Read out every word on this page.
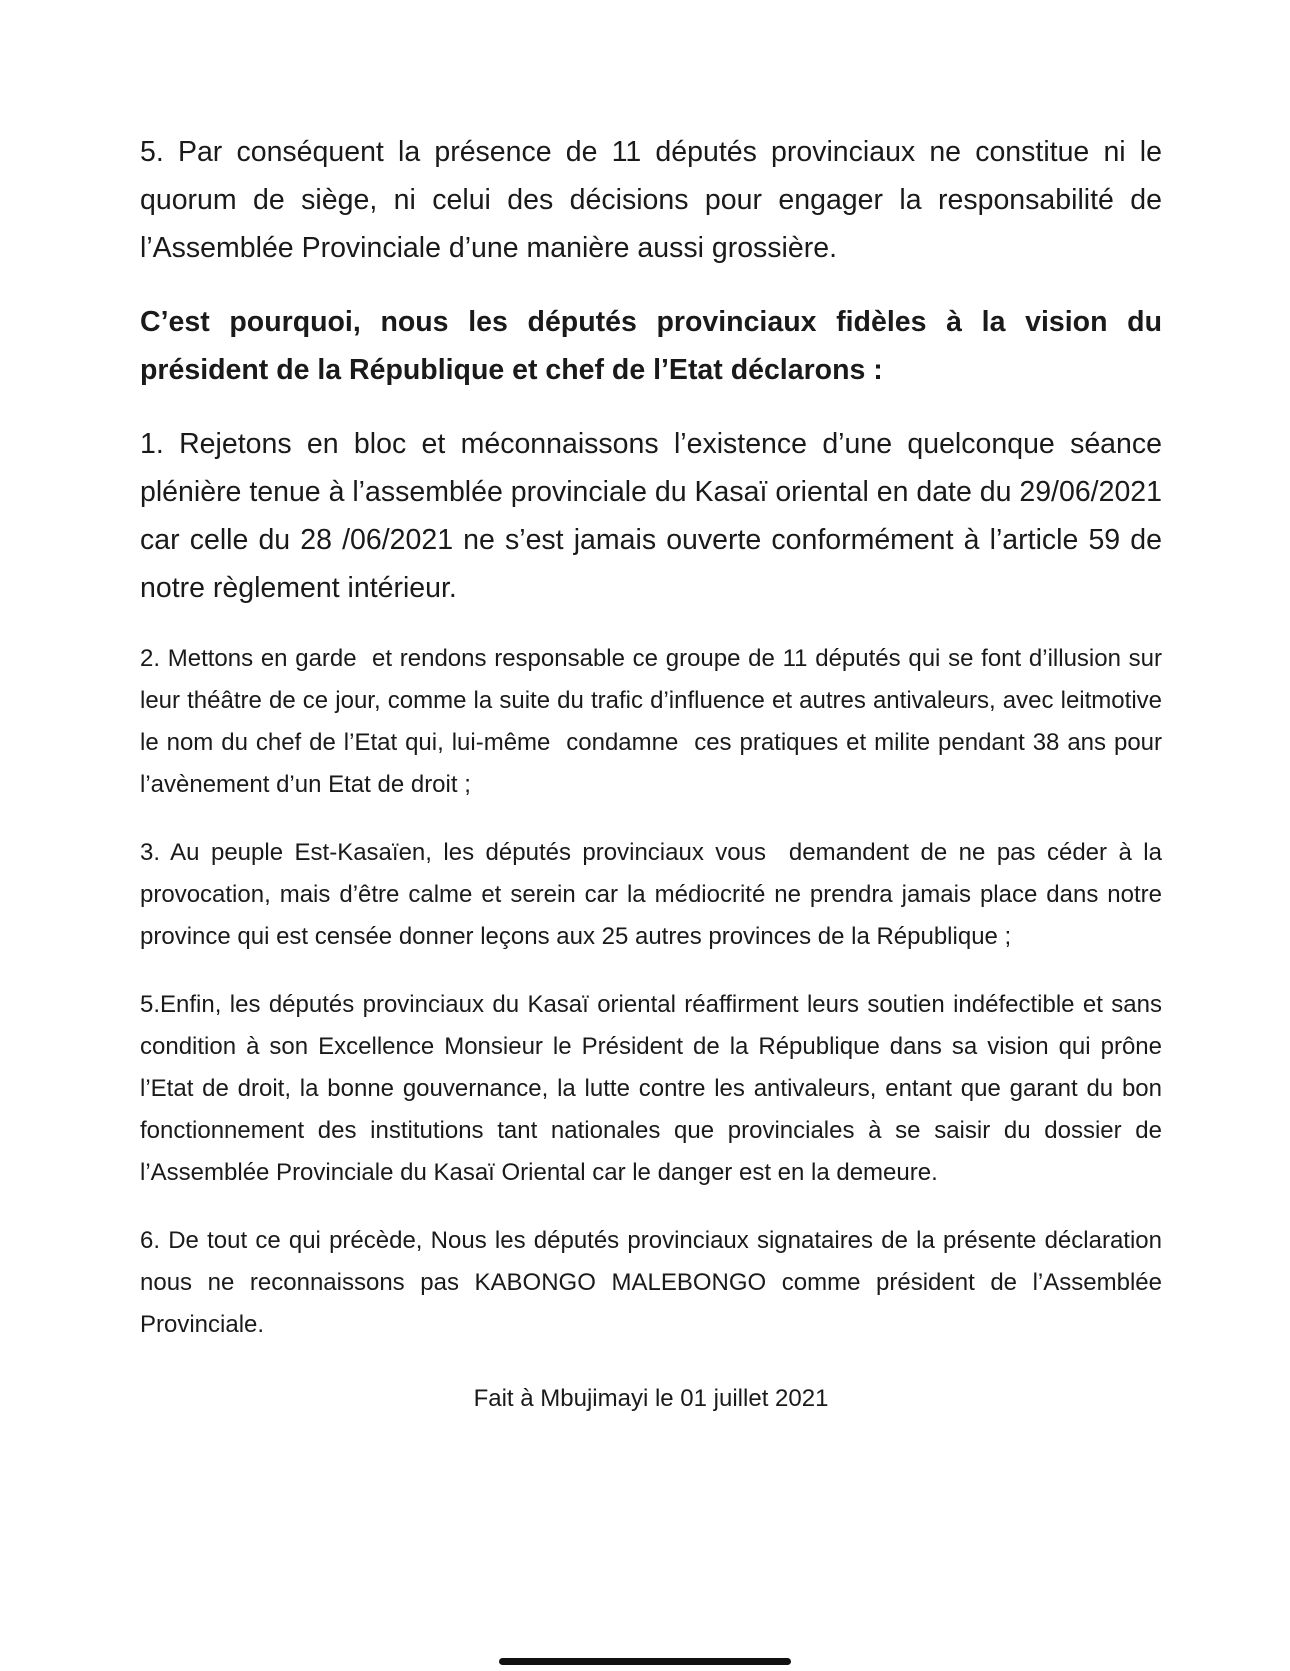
5. Par conséquent la présence de 11 députés provinciaux ne constitue ni le quorum de siège, ni celui des décisions pour engager la responsabilité de l’Assemblée Provinciale d’une manière aussi grossière.

C’est pourquoi, nous les députés provinciaux fidèles à la vision du président de la République et chef de l’Etat déclarons :

1. Rejetons en bloc et méconnaissons l’existence d’une quelconque séance plénière tenue à l’assemblée provinciale du Kasaï oriental en date du 29/06/2021 car celle du 28 /06/2021 ne s’est jamais ouverte conformément à l’article 59 de notre règlement intérieur.

2. Mettons en garde  et rendons responsable ce groupe de 11 députés qui se font d’illusion sur leur théâtre de ce jour, comme la suite du trafic d’influence et autres antivaleurs, avec leitmotive le nom du chef de l’Etat qui, lui-même  condamne  ces pratiques et milite pendant 38 ans pour l’avènement d’un Etat de droit ;

3. Au peuple Est-Kasaïen, les députés provinciaux vous  demandent de ne pas céder à la provocation, mais d’être calme et serein car la médiocrité ne prendra jamais place dans notre province qui est censée donner leçons aux 25 autres provinces de la République ;

5.Enfin, les députés provinciaux du Kasaï oriental réaffirment leurs soutien indéfectible et sans condition à son Excellence Monsieur le Président de la République dans sa vision qui prône l’Etat de droit, la bonne gouvernance, la lutte contre les antivaleurs, entant que garant du bon fonctionnement des institutions tant nationales que provinciales à se saisir du dossier de l’Assemblée Provinciale du Kasaï Oriental car le danger est en la demeure.

6. De tout ce qui précède, Nous les députés provinciaux signataires de la présente déclaration nous ne reconnaissons pas KABONGO MALEBONGO comme président de l’Assemblée Provinciale.

Fait à Mbujimayi le 01 juillet 2021
